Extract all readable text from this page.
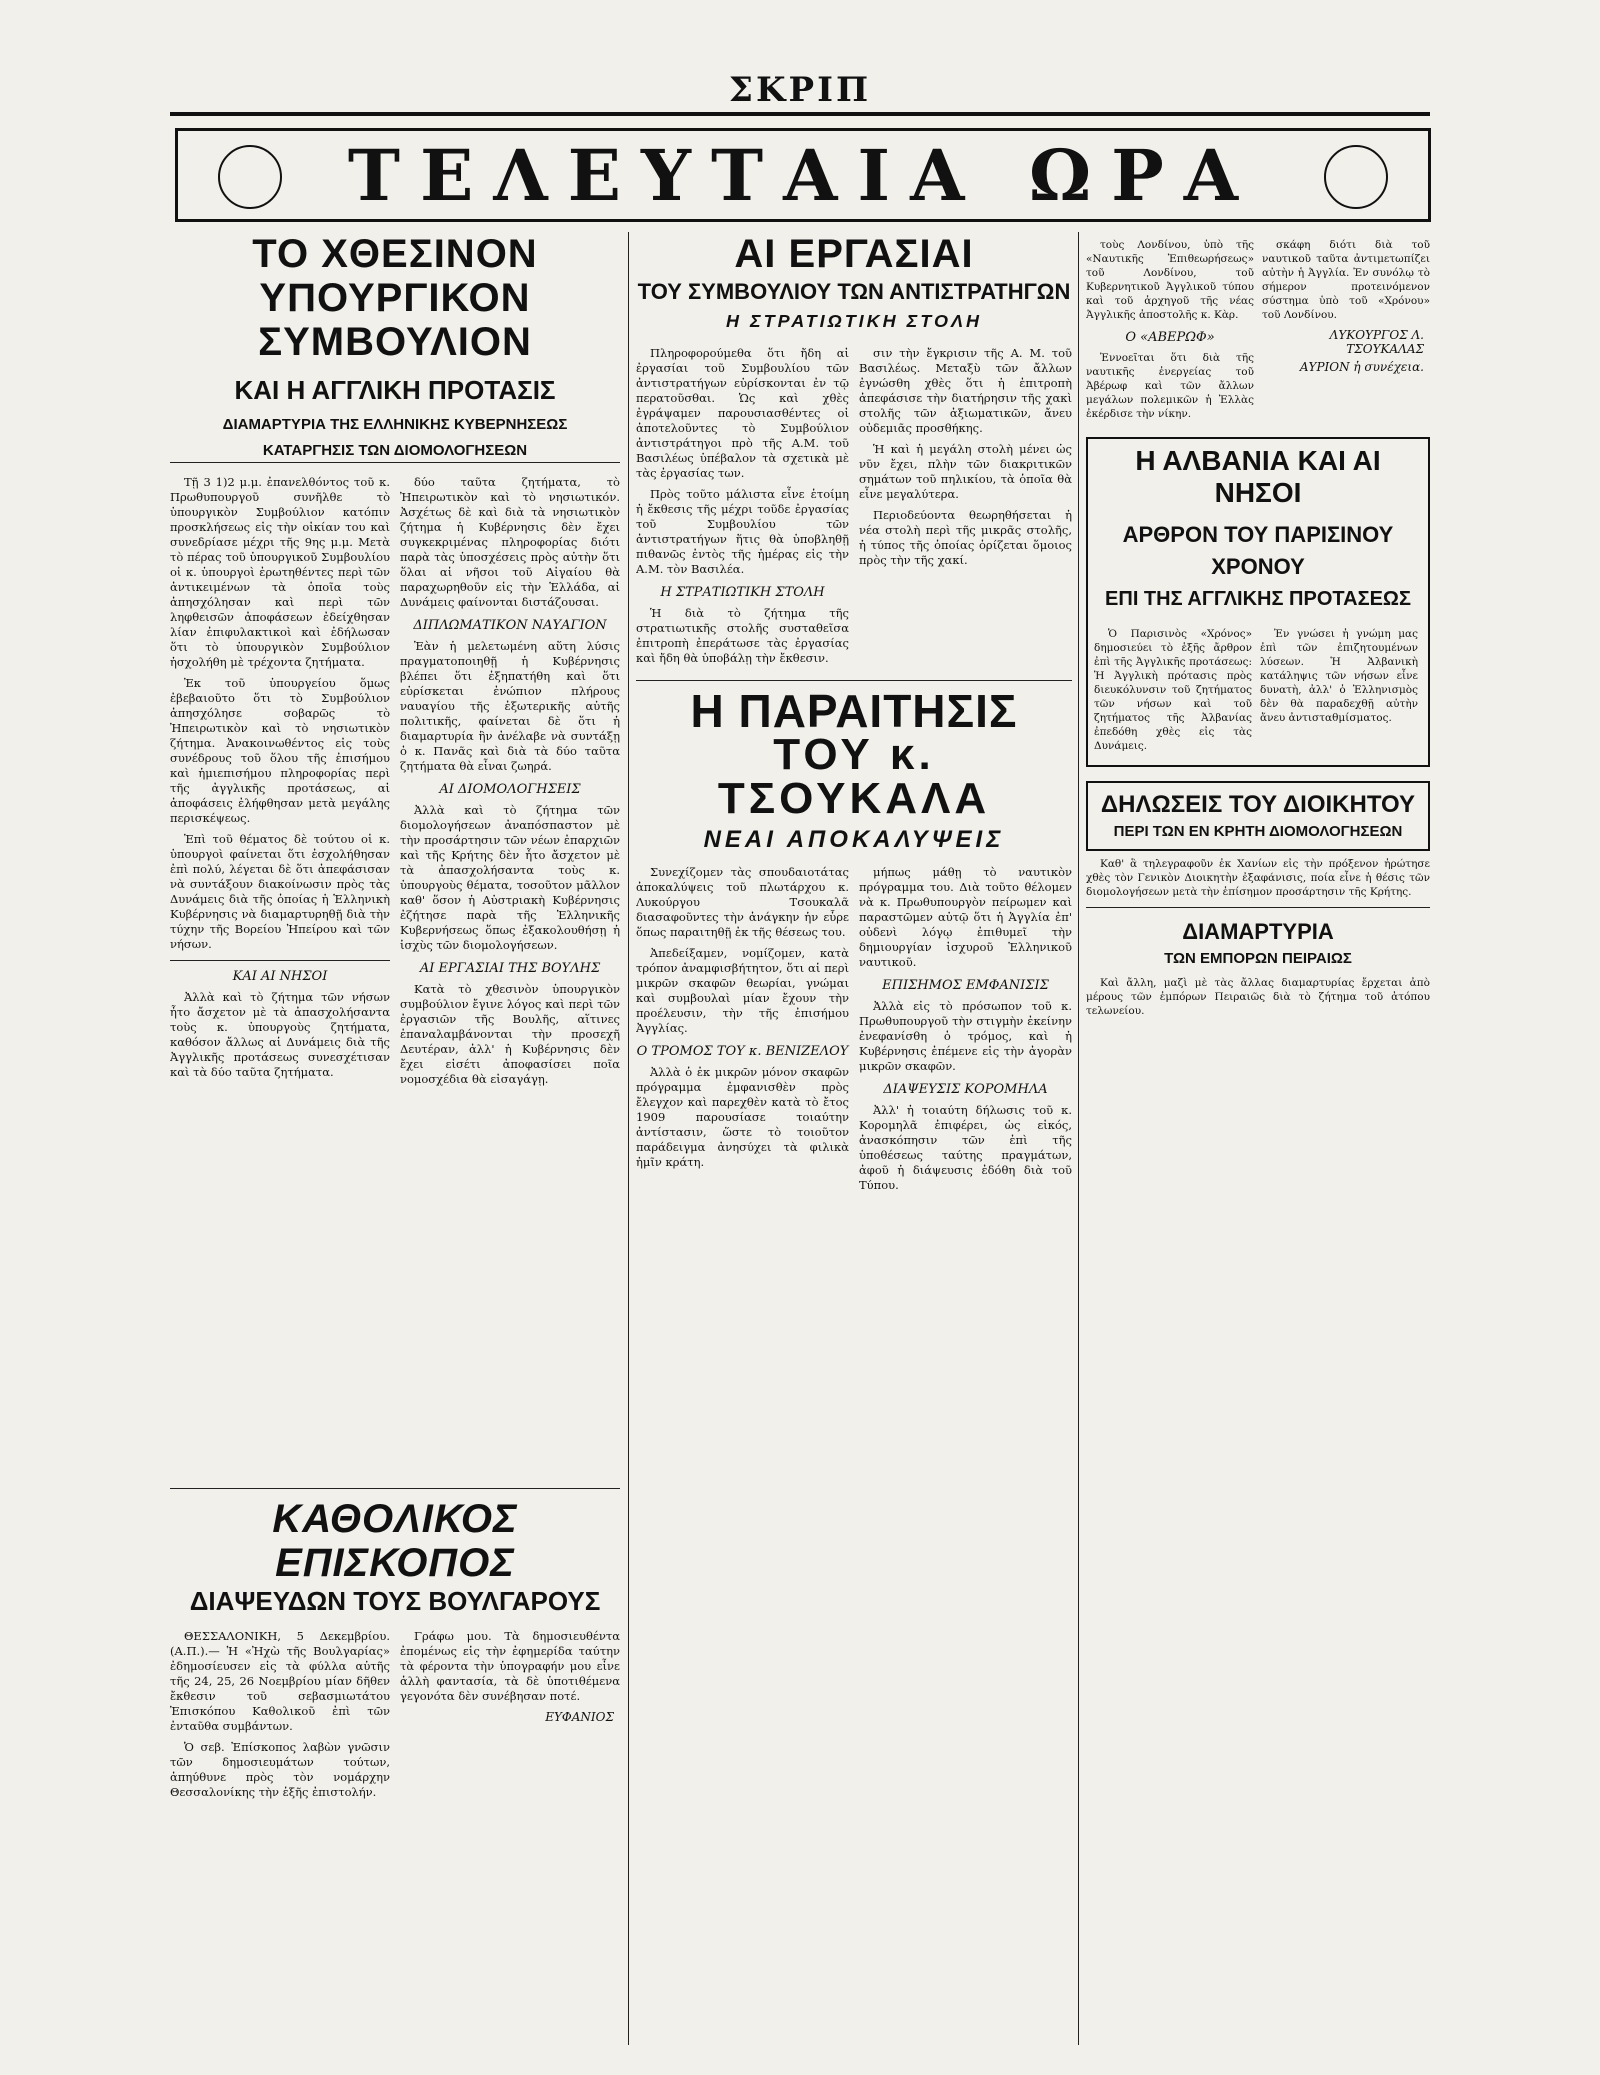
ΣΚΡΙΠ
ΤΕΛΕΥΤΑΙΑ ΩΡΑ
ΤΟ ΧΘΕΣΙΝΟΝ
ΥΠΟΥΡΓΙΚΟΝ ΣΥΜΒΟΥΛΙΟΝ
ΚΑΙ Η ΑΓΓΛΙΚΗ ΠΡΟΤΑΣΙΣ
ΔΙΑΜΑΡΤΥΡΙΑ ΤΗΣ ΕΛΛΗΝΙΚΗΣ ΚΥΒΕΡΝΗΣΕΩΣ
ΚΑΤΑΡΓΗΣΙΣ ΤΩΝ ΔΙΟΜΟΛΟΓΗΣΕΩΝ

Τῇ 3 1)2 μ.μ. ἐπανελθόντος τοῦ κ. Πρωθυπουργοῦ συνῆλθε τὸ ὑπουργικὸν Συμβούλιον κατόπιν προσκλήσεως εἰς τὴν οἰκίαν του καὶ συνεδρίασε μέχρι τῆς 9ης μ.μ. Μετὰ τὸ πέρας τοῦ ὑπουργικοῦ Συμβουλίου οἱ κ. ὑπουργοὶ ἐρωτηθέντες περὶ τῶν ἀντικειμένων τὰ ὁποῖα τοὺς ἀπησχόλησαν καὶ περὶ τῶν ληφθεισῶν ἀποφάσεων ἐδείχθησαν λίαν ἐπιφυλακτικοὶ καὶ ἐδήλωσαν ὅτι τὸ ὑπουργικὸν Συμβούλιον ἠσχολήθη μὲ τρέχοντα ζητήματα.

Ἐκ τοῦ ὑπουργείου ὅμως ἐβεβαιοῦτο ὅτι τὸ Συμβούλιον ἀπησχόλησε σοβαρῶς τὸ Ἠπειρωτικὸν καὶ τὸ νησιωτικὸν ζήτημα. Ἀνακοινωθέντος εἰς τοὺς συνέδρους τοῦ ὅλου τῆς ἐπισήμου καὶ ἡμιεπισήμου πληροφορίας περὶ τῆς ἀγγλικῆς προτάσεως, αἱ ἀποφάσεις ἐλήφθησαν μετὰ μεγάλης περισκέψεως.

Ἐπὶ τοῦ θέματος δὲ τούτου οἱ κ. ὑπουργοὶ φαίνεται ὅτι ἐσχολήθησαν ἐπὶ πολύ, λέγεται δὲ ὅτι ἀπεφάσισαν νὰ συντάξουν διακοίνωσιν πρὸς τὰς Δυνάμεις διὰ τῆς ὁποίας ἡ Ἑλληνικὴ Κυβέρνησις νὰ διαμαρτυρηθῇ διὰ τὴν τύχην τῆς Βορείου Ἠπείρου καὶ τῶν νήσων.

ΚΑΙ ΑΙ ΝΗΣΟΙ

Ἀλλὰ καὶ τὸ ζήτημα τῶν νήσων ἦτο ἄσχετον μὲ τὰ ἀπασχολήσαντα τοὺς κ. ὑπουργοὺς ζητήματα, καθόσον ἄλλως αἱ Δυνάμεις διὰ τῆς Ἀγγλικῆς προτάσεως συνεσχέτισαν καὶ τὰ δύο ταῦτα ζητήματα.

δύο ταῦτα ζητήματα, τὸ Ἠπειρωτικὸν καὶ τὸ νησιωτικόν. Ἀσχέτως δὲ καὶ διὰ τὰ νησιωτικὸν ζήτημα ἡ Κυβέρνησις δὲν ἔχει συγκεκριμένας πληροφορίας διότι παρὰ τὰς ὑποσχέσεις πρὸς αὐτὴν ὅτι ὅλαι αἱ νῆσοι τοῦ Αἰγαίου θὰ παραχωρηθοῦν εἰς τὴν Ἑλλάδα, αἱ Δυνάμεις φαίνονται διστάζουσαι.

ΔΙΠΛΩΜΑΤΙΚΟΝ ΝΑΥΑΓΙΟΝ

Ἐὰν ἡ μελετωμένη αὕτη λύσις πραγματοποιηθῇ ἡ Κυβέρνησις βλέπει ὅτι ἐξηπατήθη καὶ ὅτι εὑρίσκεται ἐνώπιον πλήρους ναυαγίου τῆς ἐξωτερικῆς αὐτῆς πολιτικῆς, φαίνεται δὲ ὅτι ἡ διαμαρτυρία ἣν ἀνέλαβε νὰ συντάξῃ ὁ κ. Πανᾶς καὶ διὰ τὰ δύο ταῦτα ζητήματα θὰ εἶναι ζωηρά.

ΑΙ ΔΙΟΜΟΛΟΓΗΣΕΙΣ

Ἀλλὰ καὶ τὸ ζήτημα τῶν διομολογήσεων ἀναπόσπαστον μὲ τὴν προσάρτησιν τῶν νέων ἐπαρχιῶν καὶ τῆς Κρήτης δὲν ἦτο ἄσχετον μὲ τὰ ἀπασχολήσαντα τοὺς κ. ὑπουργοὺς θέματα, τοσοῦτον μᾶλλον καθ' ὅσον ἡ Αὐστριακὴ Κυβέρνησις ἐζήτησε παρὰ τῆς Ἑλληνικῆς Κυβερνήσεως ὅπως ἐξακολουθήσῃ ἡ ἰσχὺς τῶν διομολογήσεων.

ΑΙ ΕΡΓΑΣΙΑΙ ΤΗΣ ΒΟΥΛΗΣ

Κατὰ τὸ χθεσινὸν ὑπουργικὸν συμβούλιον ἔγινε λόγος καὶ περὶ τῶν ἐργασιῶν τῆς Βουλῆς, αἵτινες ἐπαναλαμβάνονται τὴν προσεχῆ Δευτέραν, ἀλλ' ἡ Κυβέρνησις δὲν ἔχει εἰσέτι ἀποφασίσει ποῖα νομοσχέδια θὰ εἰσαγάγῃ.

ΚΑΘΟΛΙΚΟΣ ΕΠΙΣΚΟΠΟΣ
ΔΙΑΨΕΥΔΩΝ ΤΟΥΣ ΒΟΥΛΓΑΡΟΥΣ

ΘΕΣΣΑΛΟΝΙΚΗ, 5 Δεκεμβρίου. (Α.Π.).— Ἡ «Ἠχὼ τῆς Βουλγαρίας» ἐδημοσίευσεν εἰς τὰ φύλλα αὐτῆς τῆς 24, 25, 26 Νοεμβρίου μίαν δῆθεν ἔκθεσιν τοῦ σεβασμιωτάτου Ἐπισκόπου Καθολικοῦ ἐπὶ τῶν ἐνταῦθα συμβάντων.

Ὁ σεβ. Ἐπίσκοπος λαβὼν γνῶσιν τῶν δημοσιευμάτων τούτων, ἀπηύθυνε πρὸς τὸν νομάρχην Θεσσαλονίκης τὴν ἑξῆς ἐπιστολήν.

Γράφω μου. Τὰ δημοσιευθέντα ἐπομένως εἰς τὴν ἐφημερίδα ταύτην τὰ φέροντα τὴν ὑπογραφήν μου εἶνε ἀλλὴ φαντασία, τὰ δὲ ὑποτιθέμενα γεγονότα δὲν συνέβησαν ποτέ.

ΕΥΦΑΝΙΟΣ
ΑΙ ΕΡΓΑΣΙΑΙ
ΤΟΥ ΣΥΜΒΟΥΛΙΟΥ ΤΩΝ ΑΝΤΙΣΤΡΑΤΗΓΩΝ
Η ΣΤΡΑΤΙΩΤΙΚΗ ΣΤΟΛΗ

Πληροφορούμεθα ὅτι ἤδη αἱ ἐργασίαι τοῦ Συμβουλίου τῶν ἀντιστρατήγων εὑρίσκονται ἐν τῷ περατοῦσθαι. Ὡς καὶ χθὲς ἐγράψαμεν παρουσιασθέντες οἱ ἀποτελοῦντες τὸ Συμβούλιον ἀντιστράτηγοι πρὸ τῆς Α.Μ. τοῦ Βασιλέως ὑπέβαλον τὰ σχετικὰ μὲ τὰς ἐργασίας των.

Πρὸς τοῦτο μάλιστα εἶνε ἑτοίμη ἡ ἔκθεσις τῆς μέχρι τοῦδε ἐργασίας τοῦ Συμβουλίου τῶν ἀντιστρατήγων ἥτις θὰ ὑποβληθῇ πιθανῶς ἐντὸς τῆς ἡμέρας εἰς τὴν Α.Μ. τὸν Βασιλέα.

Η ΣΤΡΑΤΙΩΤΙΚΗ ΣΤΟΛΗ

Ἡ διὰ τὸ ζήτημα τῆς στρατιωτικῆς στολῆς συσταθεῖσα ἐπιτροπὴ ἐπεράτωσε τὰς ἐργασίας καὶ ἤδη θὰ ὑποβάλῃ τὴν ἔκθεσιν.

σιν τὴν ἔγκρισιν τῆς Α. Μ. τοῦ Βασιλέως. Μεταξὺ τῶν ἄλλων ἐγνώσθη χθὲς ὅτι ἡ ἐπιτροπὴ ἀπεφάσισε τὴν διατήρησιν τῆς χακὶ στολῆς τῶν ἀξιωματικῶν, ἄνευ οὐδεμιᾶς προσθήκης.

Ἡ καὶ ἡ μεγάλη στολὴ μένει ὡς νῦν ἔχει, πλὴν τῶν διακριτικῶν σημάτων τοῦ πηλικίου, τὰ ὁποῖα θὰ εἶνε μεγαλύτερα.

Περιοδεύοντα θεωρηθήσεται ἡ νέα στολὴ περὶ τῆς μικρᾶς στολῆς, ἡ τύπος τῆς ὁποίας ὁρίζεται ὅμοιος πρὸς τὴν τῆς χακί.

Η ΠΑΡΑΙΤΗΣΙΣ
ΤΟΥ κ. ΤΣΟΥΚΑΛΑ
ΝΕΑΙ ΑΠΟΚΑΛΥΨΕΙΣ

Συνεχίζομεν τὰς σπουδαιοτάτας ἀποκαλύψεις τοῦ πλωτάρχου κ. Λυκούργου Τσουκαλᾶ διασαφοῦντες τὴν ἀνάγκην ἡν εὗρε ὅπως παραιτηθῇ ἐκ τῆς θέσεως του.

Ἀπεδείξαμεν, νομίζομεν, κατὰ τρόπον ἀναμφισβήτητον, ὅτι αἱ περὶ μικρῶν σκαφῶν θεωρίαι, γνώμαι καὶ συμβουλαὶ μίαν ἔχουν τὴν προέλευσιν, τὴν τῆς ἐπισήμου Ἀγγλίας.

Ο ΤΡΟΜΟΣ ΤΟΥ κ. ΒΕΝΙΖΕΛΟΥ

Ἀλλὰ ὁ ἐκ μικρῶν μόνον σκαφῶν πρόγραμμα ἐμφανισθὲν πρὸς ἔλεγχον καὶ παρεχθὲν κατὰ τὸ ἔτος 1909 παρουσίασε τοιαύτην ἀντίστασιν, ὥστε τὸ τοιοῦτον παράδειγμα ἀνησύχει τὰ φιλικὰ ἡμῖν κράτη.

μήπως μάθῃ τὸ ναυτικὸν πρόγραμμα του. Διὰ τοῦτο θέλομεν νὰ κ. Πρωθυπουργὸν πείρωμεν καὶ παραστῶμεν αὐτῷ ὅτι ἡ Ἀγγλία ἐπ' οὐδενὶ λόγῳ ἐπιθυμεῖ τὴν δημιουργίαν ἰσχυροῦ Ἑλληνικοῦ ναυτικοῦ.

ΕΠΙΣΗΜΟΣ ΕΜΦΑΝΙΣΙΣ

Ἀλλὰ εἰς τὸ πρόσωπον τοῦ κ. Πρωθυπουργοῦ τὴν στιγμὴν ἐκείνην ἐνεφανίσθη ὁ τρόμος, καὶ ἡ Κυβέρνησις ἐπέμενε εἰς τὴν ἀγορὰν μικρῶν σκαφῶν.

ΔΙΑΨΕΥΣΙΣ ΚΟΡΟΜΗΛΑ

Ἀλλ' ἡ τοιαύτη δήλωσις τοῦ κ. Κορομηλᾶ ἐπιφέρει, ὡς εἰκός, ἀνασκόπησιν τῶν ἐπὶ τῆς ὑποθέσεως ταύτης πραγμάτων, ἀφοῦ ἡ διάψευσις ἐδόθη διὰ τοῦ Τύπου.

τοὺς Λονδίνου, ὑπὸ τῆς «Ναυτικῆς Ἐπιθεωρήσεως» τοῦ Λονδίνου, τοῦ Κυβερνητικοῦ Ἀγγλικοῦ τύπου καὶ τοῦ ἀρχηγοῦ τῆς νέας Ἀγγλικῆς ἀποστολῆς κ. Κὰρ.

Ο «ΑΒΕΡΩΦ»

Ἐννοεῖται ὅτι διὰ τῆς ναυτικῆς ἐνεργείας τοῦ Ἀβέρωφ καὶ τῶν ἄλλων μεγάλων πολεμικῶν ἡ Ἑλλὰς ἐκέρδισε τὴν νίκην.

σκάφη διότι διὰ τοῦ ναυτικοῦ ταῦτα ἀντιμετωπίζει αὐτὴν ἡ Ἀγγλία. Ἐν συνόλῳ τὸ σήμερον προτεινόμενον σύστημα ὑπὸ τοῦ «Χρόνου» τοῦ Λονδίνου.

ΛΥΚΟΥΡΓΟΣ Λ. ΤΣΟΥΚΑΛΑΣ
ΑΥΡΙΟΝ ἡ συνέχεια.
Η ΑΛΒΑΝΙΑ ΚΑΙ ΑΙ ΝΗΣΟΙ
ΑΡΘΡΟΝ ΤΟΥ ΠΑΡΙΣΙΝΟΥ ΧΡΟΝΟΥ
ΕΠΙ ΤΗΣ ΑΓΓΛΙΚΗΣ ΠΡΟΤΑΣΕΩΣ

Ὁ Παρισινὸς «Χρόνος» δημοσιεύει τὸ ἑξῆς ἄρθρον ἐπὶ τῆς Ἀγγλικῆς προτάσεως: Ἡ Ἀγγλικὴ πρότασις πρὸς διευκόλυνσιν τοῦ ζητήματος τῶν νήσων καὶ τοῦ ζητήματος τῆς Ἀλβανίας ἐπεδόθη χθὲς εἰς τὰς Δυνάμεις.

Ἐν γνώσει ἡ γνώμη μας ἐπὶ τῶν ἐπιζητουμένων λύσεων. Ἡ Ἀλβανικὴ κατάληψις τῶν νήσων εἶνε δυνατὴ, ἀλλ' ὁ Ἑλληνισμὸς δὲν θὰ παραδεχθῇ αὐτὴν ἄνευ ἀντισταθμίσματος.

ΔΗΛΩΣΕΙΣ ΤΟΥ ΔΙΟΙΚΗΤΟΥ
ΠΕΡΙ ΤΩΝ ΕΝ ΚΡΗΤΗ ΔΙΟΜΟΛΟΓΗΣΕΩΝ

Καθ' ἃ τηλεγραφοῦν ἐκ Χανίων εἰς τὴν πρόξενον ἠρώτησε χθὲς τὸν Γενικὸν Διοικητὴν ἐξαφάνισις, ποία εἶνε ἡ θέσις τῶν διομολογήσεων μετὰ τὴν ἐπίσημον προσάρτησιν τῆς Κρήτης.

ΔΙΑΜΑΡΤΥΡΙΑ
ΤΩΝ ΕΜΠΟΡΩΝ ΠΕΙΡΑΙΩΣ

Καὶ ἄλλη, μαζὶ μὲ τὰς ἄλλας διαμαρτυρίας ἔρχεται ἀπὸ μέρους τῶν ἐμπόρων Πειραιῶς διὰ τὸ ζήτημα τοῦ ἀτόπου τελωνείου.
